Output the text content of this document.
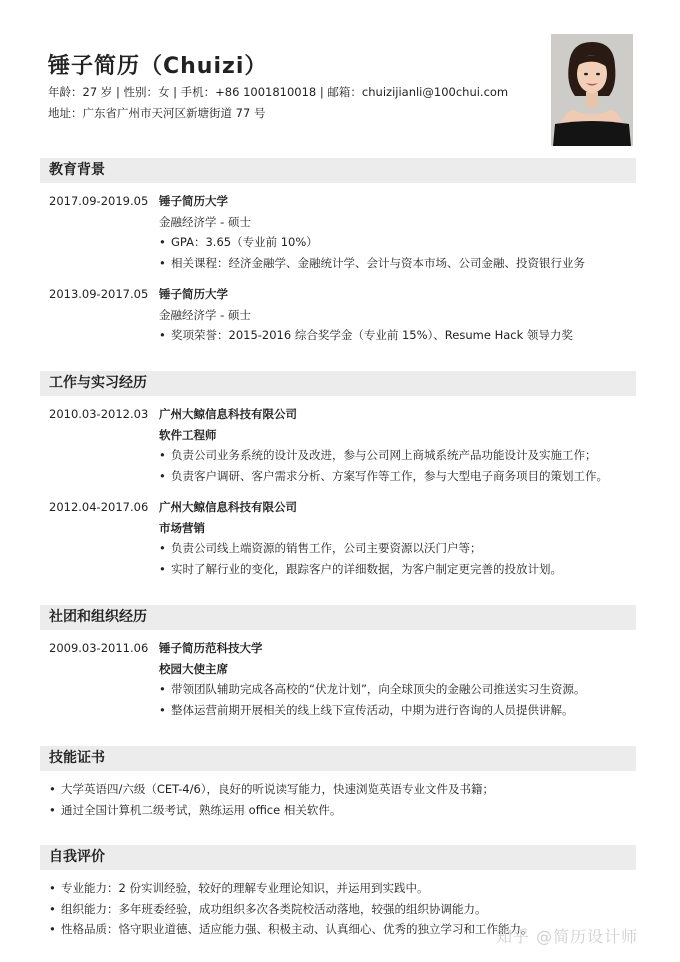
锤子简历（Chuizi）
年龄：27 岁 | 性别：女 | 手机：+86 1001810018 | 邮箱：chuizijianli@100chui.com
地址：广东省广州市天河区新塘街道 77 号
教育背景
2017.09-2019.05 锤子简历大学
金融经济学 - 硕士
• GPA：3.65（专业前 10%）
• 相关课程：经济金融学、金融统计学、会计与资本市场、公司金融、投资银行业务
2013.09-2017.05 锤子简历大学
金融经济学 - 硕士
• 奖项荣誉：2015-2016 综合奖学金（专业前 15%）、Resume Hack 领导力奖
工作与实习经历
2010.03-2012.03 广州大鲸信息科技有限公司
软件工程师
• 负责公司业务系统的设计及改进，参与公司网上商城系统产品功能设计及实施工作；
• 负责客户调研、客户需求分析、方案写作等工作，参与大型电子商务项目的策划工作。
2012.04-2017.06 广州大鲸信息科技有限公司
市场营销
• 负责公司线上端资源的销售工作，公司主要资源以沃门户等；
• 实时了解行业的变化，跟踪客户的详细数据，为客户制定更完善的投放计划。
社团和组织经历
2009.03-2011.06 锤子简历范科技大学
校园大使主席
• 带领团队辅助完成各高校的“伏龙计划”，向全球顶尖的金融公司推送实习生资源。
• 整体运营前期开展相关的线上线下宣传活动，中期为进行咨询的人员提供讲解。
技能证书
• 大学英语四/六级（CET-4/6），良好的听说读写能力，快速浏览英语专业文件及书籍；
• 通过全国计算机二级考试，熟练运用 office 相关软件。
自我评价
• 专业能力：2 份实训经验，较好的理解专业理论知识，并运用到实践中。
• 组织能力：多年班委经验，成功组织多次各类院校活动落地，较强的组织协调能力。
• 性格品质：恪守职业道德、适应能力强、积极主动、认真细心、优秀的独立学习和工作能力。
知乎 @简历设计师
